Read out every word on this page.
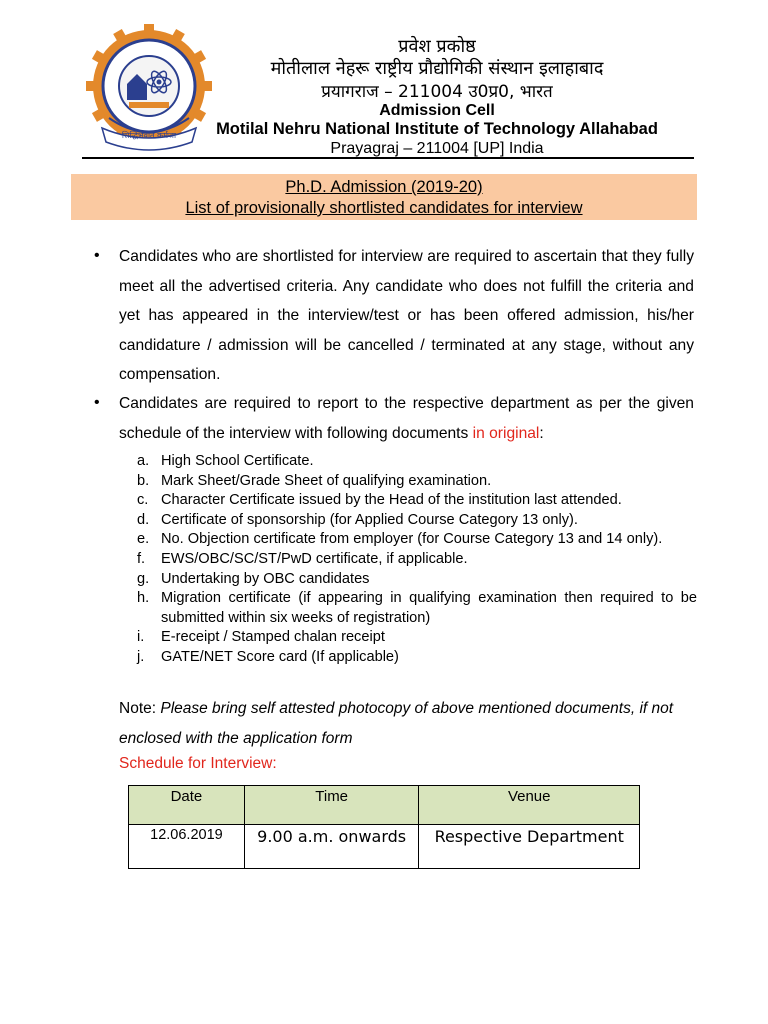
सिद्धिर्भवति कर्मजा
प्रवेश प्रकोष्ठ
मोतीलाल नेहरू राष्ट्रीय प्रौद्योगिकी संस्थान इलाहाबाद
प्रयागराज – 211004 उ0प्र0, भारत
Admission Cell
Motilal Nehru National Institute of Technology Allahabad
Prayagraj – 211004 [UP] India
Ph.D. Admission (2019-20)
List of provisionally shortlisted candidates for interview
• Candidates who are shortlisted for interview are required to ascertain that they fully meet all the advertised criteria. Any candidate who does not fulfill the criteria and yet has appeared in the interview/test or has been offered admission, his/her candidature / admission will be cancelled / terminated at any stage, without any compensation.
• Candidates are required to report to the respective department as per the given schedule of the interview with following documents in original:
a. High School Certificate.
b. Mark Sheet/Grade Sheet of qualifying examination.
c. Character Certificate issued by the Head of the institution last attended.
d. Certificate of sponsorship (for Applied Course Category 13 only).
e. No. Objection certificate from employer (for Course Category 13 and 14 only).
f. EWS/OBC/SC/ST/PwD certificate, if applicable.
g. Undertaking by OBC candidates
h. Migration certificate (if appearing in qualifying examination then required to be submitted within six weeks of registration)
i. E-receipt / Stamped chalan receipt
j. GATE/NET Score card (If applicable)
Note: Please bring self attested photocopy of above mentioned documents, if not enclosed with the application form
Schedule for Interview:
Date	Time	Venue
12.06.2019	9.00 a.m. onwards	Respective Department
